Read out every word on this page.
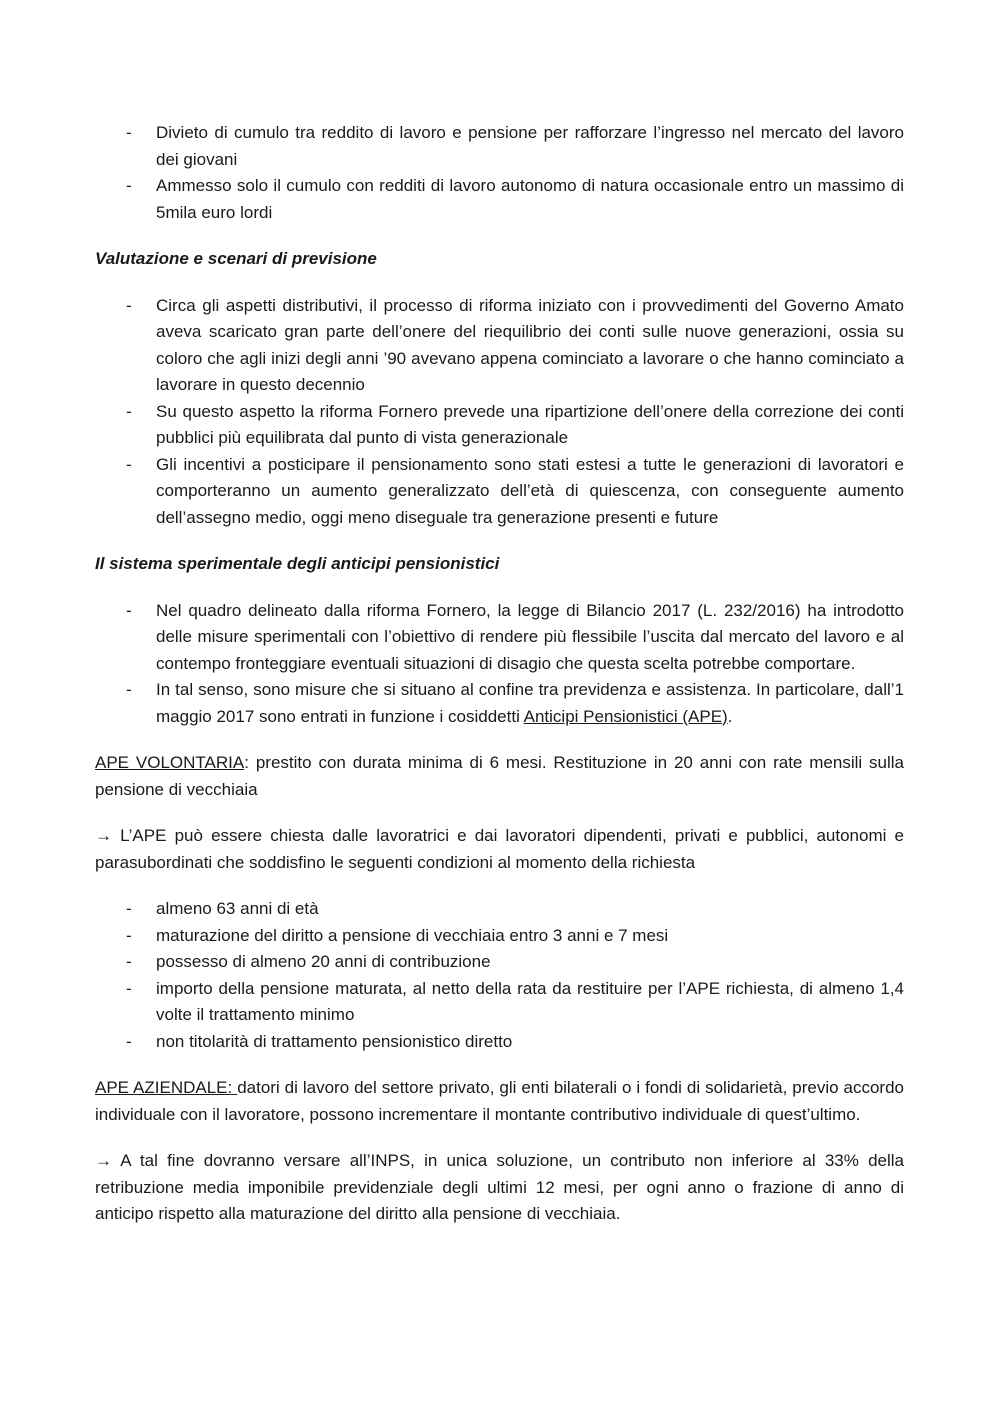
- Divieto di cumulo tra reddito di lavoro e pensione per rafforzare l’ingresso nel mercato del lavoro dei giovani
- Ammesso solo il cumulo con redditi di lavoro autonomo di natura occasionale entro un massimo di 5mila euro lordi

Valutazione e scenari di previsione

- Circa gli aspetti distributivi, il processo di riforma iniziato con i provvedimenti del Governo Amato aveva scaricato gran parte dell’onere del riequilibrio dei conti sulle nuove generazioni, ossia su coloro che agli inizi degli anni ’90 avevano appena cominciato a lavorare o che hanno cominciato a lavorare in questo decennio
- Su questo aspetto la riforma Fornero prevede una ripartizione dell’onere della correzione dei conti pubblici più equilibrata dal punto di vista generazionale
- Gli incentivi a posticipare il pensionamento sono stati estesi a tutte le generazioni di lavoratori e comporteranno un aumento generalizzato dell’età di quiescenza, con conseguente aumento dell’assegno medio, oggi meno diseguale tra generazione presenti e future

Il sistema sperimentale degli anticipi pensionistici

- Nel quadro delineato dalla riforma Fornero, la legge di Bilancio 2017 (L. 232/2016) ha introdotto delle misure sperimentali con l’obiettivo di rendere più flessibile l’uscita dal mercato del lavoro e al contempo fronteggiare eventuali situazioni di disagio che questa scelta potrebbe comportare.
- In tal senso, sono misure che si situano al confine tra previdenza e assistenza. In particolare, dall’1 maggio 2017 sono entrati in funzione i cosiddetti Anticipi Pensionistici (APE).

APE VOLONTARIA: prestito con durata minima di 6 mesi. Restituzione in 20 anni con rate mensili sulla pensione di vecchiaia

→ L’APE può essere chiesta dalle lavoratrici e dai lavoratori dipendenti, privati e pubblici, autonomi e parasubordinati che soddisfino le seguenti condizioni al momento della richiesta

- almeno 63 anni di età
- maturazione del diritto a pensione di vecchiaia entro 3 anni e 7 mesi
- possesso di almeno 20 anni di contribuzione
- importo della pensione maturata, al netto della rata da restituire per l’APE richiesta, di almeno 1,4 volte il trattamento minimo
- non titolarità di trattamento pensionistico diretto

APE AZIENDALE: datori di lavoro del settore privato, gli enti bilaterali o i fondi di solidarietà, previo accordo individuale con il lavoratore, possono incrementare il montante contributivo individuale di quest’ultimo.

→ A tal fine dovranno versare all’INPS, in unica soluzione, un contributo non inferiore al 33% della retribuzione media imponibile previdenziale degli ultimi 12 mesi, per ogni anno o frazione di anno di anticipo rispetto alla maturazione del diritto alla pensione di vecchiaia.
